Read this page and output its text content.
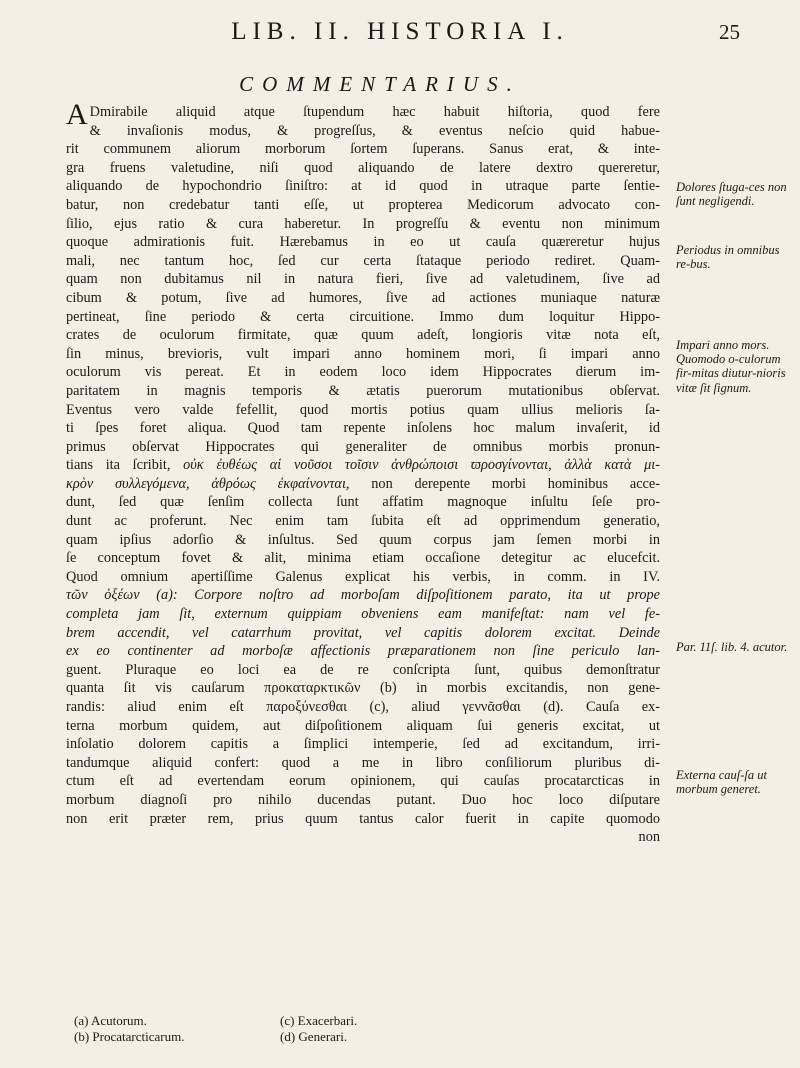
LIB. II. HISTORIA I.	25
COMMENTARIUS.

A Dmirabile aliquid atque ſtupendum hæc habuit hiſtoria, quod fere
& invaſionis modus, & progreſſus, & eventus neſcio quid habue-
rit communem aliorum morborum ſortem ſuperans. Sanus erat, & inte-
gra fruens valetudine, niſi quod aliquando de latere dextro quereretur,
aliquando de hypochondrio ſiniſtro: at id quod in utraque parte ſentie-
batur, non credebatur tanti eſſe, ut propterea Medicorum advocato con-
ſilio, ejus ratio & cura haberetur. In progreſſu & eventu non minimum
quoque admirationis fuit. Hærebamus in eo ut cauſa quæreretur hujus
mali, nec tantum hoc, ſed cur certa ſtataque periodo rediret. Quam-
quam non dubitamus nil in natura fieri, ſive ad valetudinem, ſive ad
cibum & potum, ſive ad humores, ſive ad actiones muniaque naturæ
pertineat, ſine periodo & certa circuitione. Immo dum loquitur Hippo-
crates de oculorum firmitate, quæ quum adeſt, longioris vitæ nota eſt,
ſin minus, brevioris, vult impari anno hominem mori, ſi impari anno
oculorum vis pereat. Et in eodem loco idem Hippocrates dierum im-
paritatem in magnis temporis & ætatis puerorum mutationibus obſervat.
Eventus vero valde fefellit, quod mortis potius quam ullius melioris ſa-
ti ſpes foret aliqua. Quod tam repente inſolens hoc malum invaſerit, id
primus obſervat Hippocrates qui generaliter de omnibus morbis pronun-
tians ita ſcribit, οὐκ ἐυθέως αἱ νοῦσοι τοῖσιν ἀνθρώποισι ϖροσγίνονται, ἀλλὰ κατὰ μι-
κρὸν συλλεγόμενα, ἀθρόως ἐκφαίνονται, non derepente morbi hominibus acce-
dunt, ſed quæ ſenſim collecta ſunt affatim magnoque inſultu ſeſe pro-
dunt ac proferunt. Nec enim tam ſubita eſt ad opprimendum generatio,
quam ipſius adorſio & inſultus. Sed quum corpus jam ſemen morbi in
ſe conceptum fovet & alit, minima etiam occaſione detegitur ac elucefcit.
Quod omnium apertiſſime Galenus explicat his verbis, in comm. in IV.
τῶν ὀξέων (a): Corpore noſtro ad morboſam diſpoſitionem parato, ita ut prope
completa jam ſit, externum quippiam obveniens eam manifeſtat: nam vel fe-
brem accendit, vel catarrhum provitat, vel capitis dolorem excitat. Deinde
ex eo continenter ad morboſæ affectionis præparationem non ſine periculo lan-
guent. Pluraque eo loci ea de re conſcripta ſunt, quibus demonſtratur
quanta ſit vis cauſarum προκαταρκτικῶν (b) in morbis excitandis, non gene-
randis: aliud enim eſt παροξύνεσθαι (c), aliud γεννᾶσθαι (d). Cauſa ex-
terna morbum quidem, aut diſpoſitionem aliquam ſui generis excitat, ut
inſolatio dolorem capitis a ſimplici intemperie, ſed ad excitandum, irri-
tandumque aliquid confert: quod a me in libro conſiliorum pluribus di-
ctum eſt ad evertendam eorum opinionem, qui cauſas procatarcticas in
morbum diagnoſi pro nihilo ducendas putant. Duo hoc loco diſputare
non erit præter rem, prius quum tantus calor fuerit in capite quomodo
non

Dolores ſtuga-ces non ſunt negligendi.
Periodus in omnibus re-bus.
Impari anno mors. Quomodo o-culorum fir-mitas diutur-nioris vitæ ſit ſignum.
Par. 11ſ. lib. 4. acutor.
Externa cauſ-ſa ut morbum generet.
(a) Acutorum.
(b) Procatarcticarum.
(c) Exacerbari.
(d) Generari.
